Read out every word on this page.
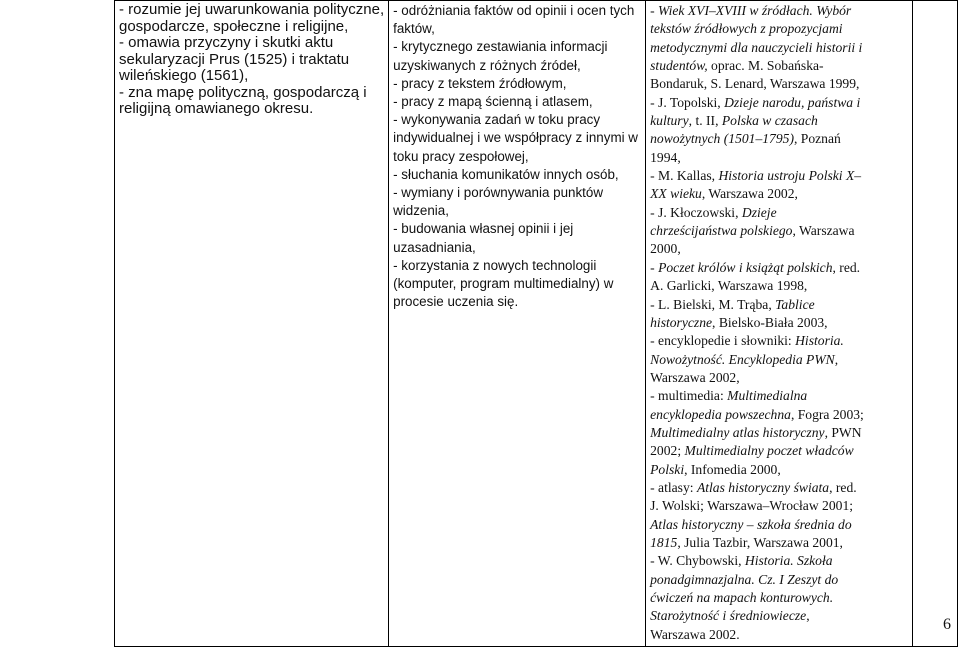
- rozumie jej uwarunkowania polityczne,
gospodarcze, społeczne i religijne,
- omawia przyczyny i skutki aktu
sekularyzacji Prus (1525) i traktatu
wileńskiego (1561),
- zna mapę polityczną, gospodarczą i
religijną omawianego okresu.

- odróżniania faktów od opinii i ocen tych
faktów,
- krytycznego zestawiania informacji
uzyskiwanych z różnych źródeł,
- pracy z tekstem źródłowym,
- pracy z mapą ścienną i atlasem,
- wykonywania zadań w toku pracy
indywidualnej i we współpracy z innymi w
toku pracy zespołowej,
- słuchania komunikatów innych osób,
- wymiany i porównywania punktów
widzenia,
- budowania własnej opinii i jej
uzasadniania,
- korzystania z nowych technologii
(komputer, program multimedialny) w
procesie uczenia się.

- Wiek XVI–XVIII w źródłach. Wybór
tekstów źródłowych z propozycjami
metodycznymi dla nauczycieli historii i
studentów, oprac. M. Sobańska-
Bondaruk, S. Lenard, Warszawa 1999,
- J. Topolski, Dzieje narodu, państwa i
kultury, t. II, Polska w czasach
nowożytnych (1501–1795), Poznań
1994,
- M. Kallas, Historia ustroju Polski X–
XX wieku, Warszawa 2002,
- J. Kłoczowski, Dzieje
chrześcijaństwa polskiego, Warszawa
2000,
- Poczet królów i książąt polskich, red.
A. Garlicki, Warszawa 1998,
- L. Bielski, M. Trąba, Tablice
historyczne, Bielsko-Biała 2003,
- encyklopedie i słowniki: Historia.
Nowożytność. Encyklopedia PWN,
Warszawa 2002,
- multimedia: Multimedialna
encyklopedia powszechna, Fogra 2003;
Multimedialny atlas historyczny, PWN
2002; Multimedialny poczet władców
Polski, Infomedia 2000,
- atlasy: Atlas historyczny świata, red.
J. Wolski; Warszawa–Wrocław 2001;
Atlas historyczny – szkoła średnia do
1815, Julia Tazbir, Warszawa 2001,
- W. Chybowski, Historia. Szkoła
ponadgimnazjalna. Cz. I Zeszyt do
ćwiczeń na mapach konturowych.
Starożytność i średniowiecze,
Warszawa 2002.

6
